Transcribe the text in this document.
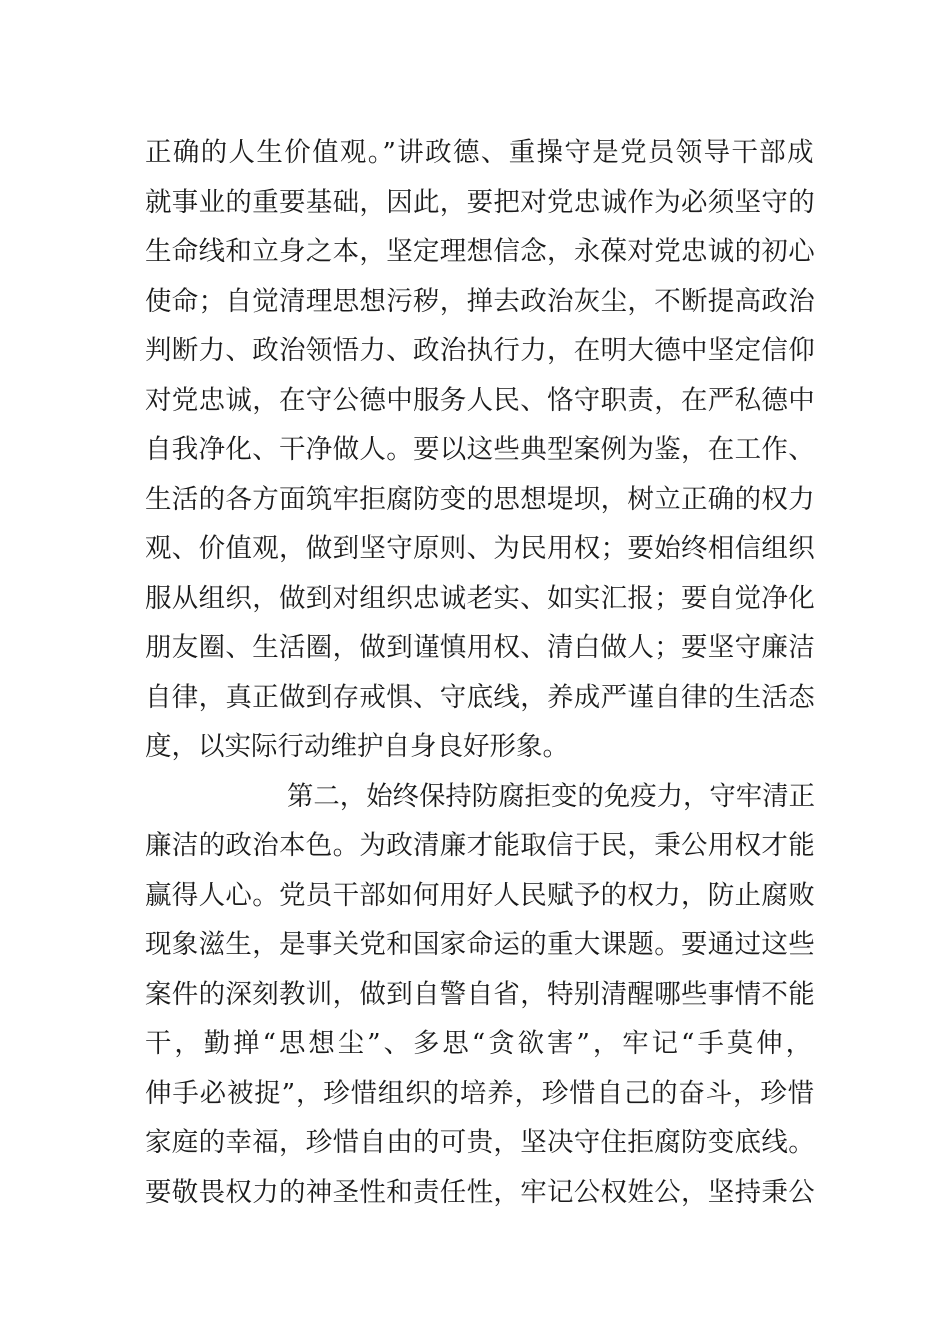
正确的人生价值观。”讲政德、重操守是党员领导干部成
就事业的重要基础，因此，要把对党忠诚作为必须坚守的
生命线和立身之本，坚定理想信念，永葆对党忠诚的初心
使命；自觉清理思想污秽，掸去政治灰尘，不断提高政治
判断力、政治领悟力、政治执行力，在明大德中坚定信仰
对党忠诚，在守公德中服务人民、恪守职责，在严私德中
自我净化、干净做人。要以这些典型案例为鉴，在工作、
生活的各方面筑牢拒腐防变的思想堤坝，树立正确的权力
观、价值观，做到坚守原则、为民用权；要始终相信组织
服从组织，做到对组织忠诚老实、如实汇报；要自觉净化
朋友圈、生活圈，做到谨慎用权、清白做人；要坚守廉洁
自律，真正做到存戒惧、守底线，养成严谨自律的生活态
度，以实际行动维护自身良好形象。
第二，始终保持防腐拒变的免疫力，守牢清正
廉洁的政治本色。为政清廉才能取信于民，秉公用权才能
赢得人心。党员干部如何用好人民赋予的权力，防止腐败
现象滋生，是事关党和国家命运的重大课题。要通过这些
案件的深刻教训，做到自警自省，特别清醒哪些事情不能
干，勤掸“思想尘”、多思“贪欲害”，牢记“手莫伸，
伸手必被捉”，珍惜组织的培养，珍惜自己的奋斗，珍惜
家庭的幸福，珍惜自由的可贵，坚决守住拒腐防变底线。
要敬畏权力的神圣性和责任性，牢记公权姓公，坚持秉公
